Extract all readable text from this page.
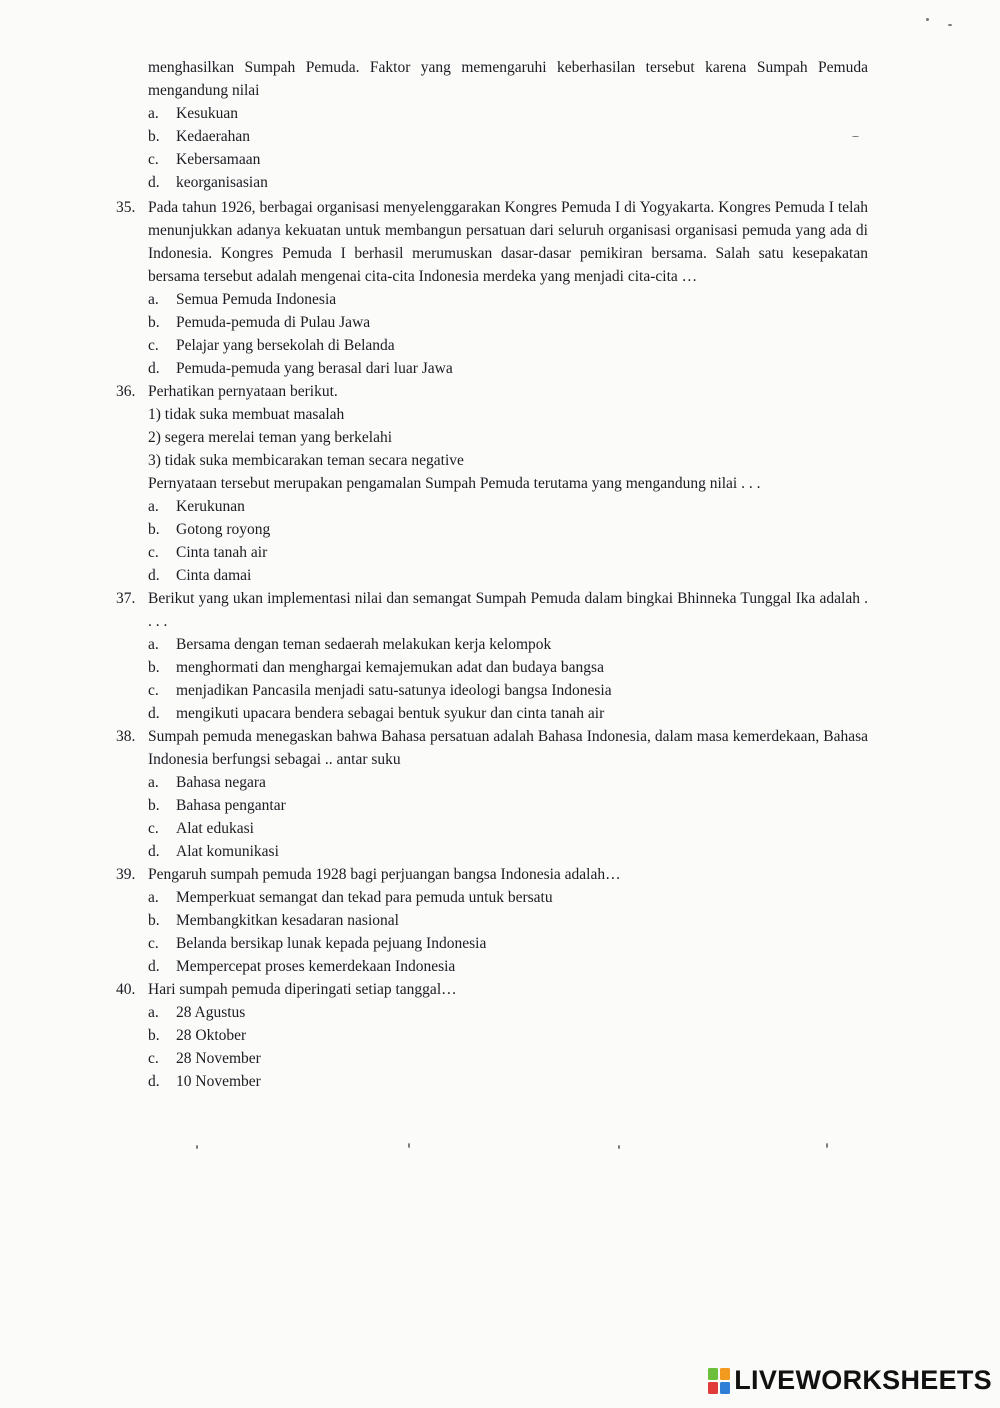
menghasilkan Sumpah Pemuda. Faktor yang memengaruhi keberhasilan tersebut karena Sumpah Pemuda mengandung nilai
a.	Kesukuan
b.	Kedaerahan
c.	Kebersamaan
d.	keorganisasian
35. Pada tahun 1926, berbagai organisasi menyelenggarakan Kongres Pemuda I di Yogyakarta. Kongres Pemuda I telah menunjukkan adanya kekuatan untuk membangun persatuan dari seluruh organisasi organisasi pemuda yang ada di Indonesia. Kongres Pemuda I berhasil merumuskan dasar-dasar pemikiran bersama. Salah satu kesepakatan bersama tersebut adalah mengenai cita-cita Indonesia merdeka yang menjadi cita-cita …
a.	Semua Pemuda Indonesia
b.	Pemuda-pemuda di Pulau Jawa
c.	Pelajar yang bersekolah di Belanda
d.	Pemuda-pemuda yang berasal dari luar Jawa
36. Perhatikan pernyataan berikut.
1) tidak suka membuat masalah
2) segera merelai teman yang berkelahi
3) tidak suka membicarakan teman secara negative
Pernyataan tersebut merupakan pengamalan Sumpah Pemuda terutama yang mengandung nilai . . .
a.	Kerukunan
b.	Gotong royong
c.	Cinta tanah air
d.	Cinta damai
37. Berikut yang ukan implementasi nilai dan semangat Sumpah Pemuda dalam bingkai Bhinneka Tunggal Ika adalah . . . .
a.	Bersama dengan teman sedaerah melakukan kerja kelompok
b.	menghormati dan menghargai kemajemukan adat dan budaya bangsa
c.	menjadikan Pancasila menjadi satu-satunya ideologi bangsa Indonesia
d.	mengikuti upacara bendera sebagai bentuk syukur dan cinta tanah air
38. Sumpah pemuda menegaskan bahwa Bahasa persatuan adalah Bahasa Indonesia, dalam masa kemerdekaan, Bahasa Indonesia berfungsi sebagai .. antar suku
a.	Bahasa negara
b.	Bahasa pengantar
c.	Alat edukasi
d.	Alat komunikasi
39. Pengaruh sumpah pemuda 1928 bagi perjuangan bangsa Indonesia adalah…
a.	Memperkuat semangat dan tekad para pemuda untuk bersatu
b.	Membangkitkan kesadaran nasional
c.	Belanda bersikap lunak kepada pejuang Indonesia
d.	Mempercepat proses kemerdekaan Indonesia
40. Hari sumpah pemuda diperingati setiap tanggal…
a.	28 Agustus
b.	28 Oktober
c.	28 November
d.	10 November
LIVEWORKSHEETS
